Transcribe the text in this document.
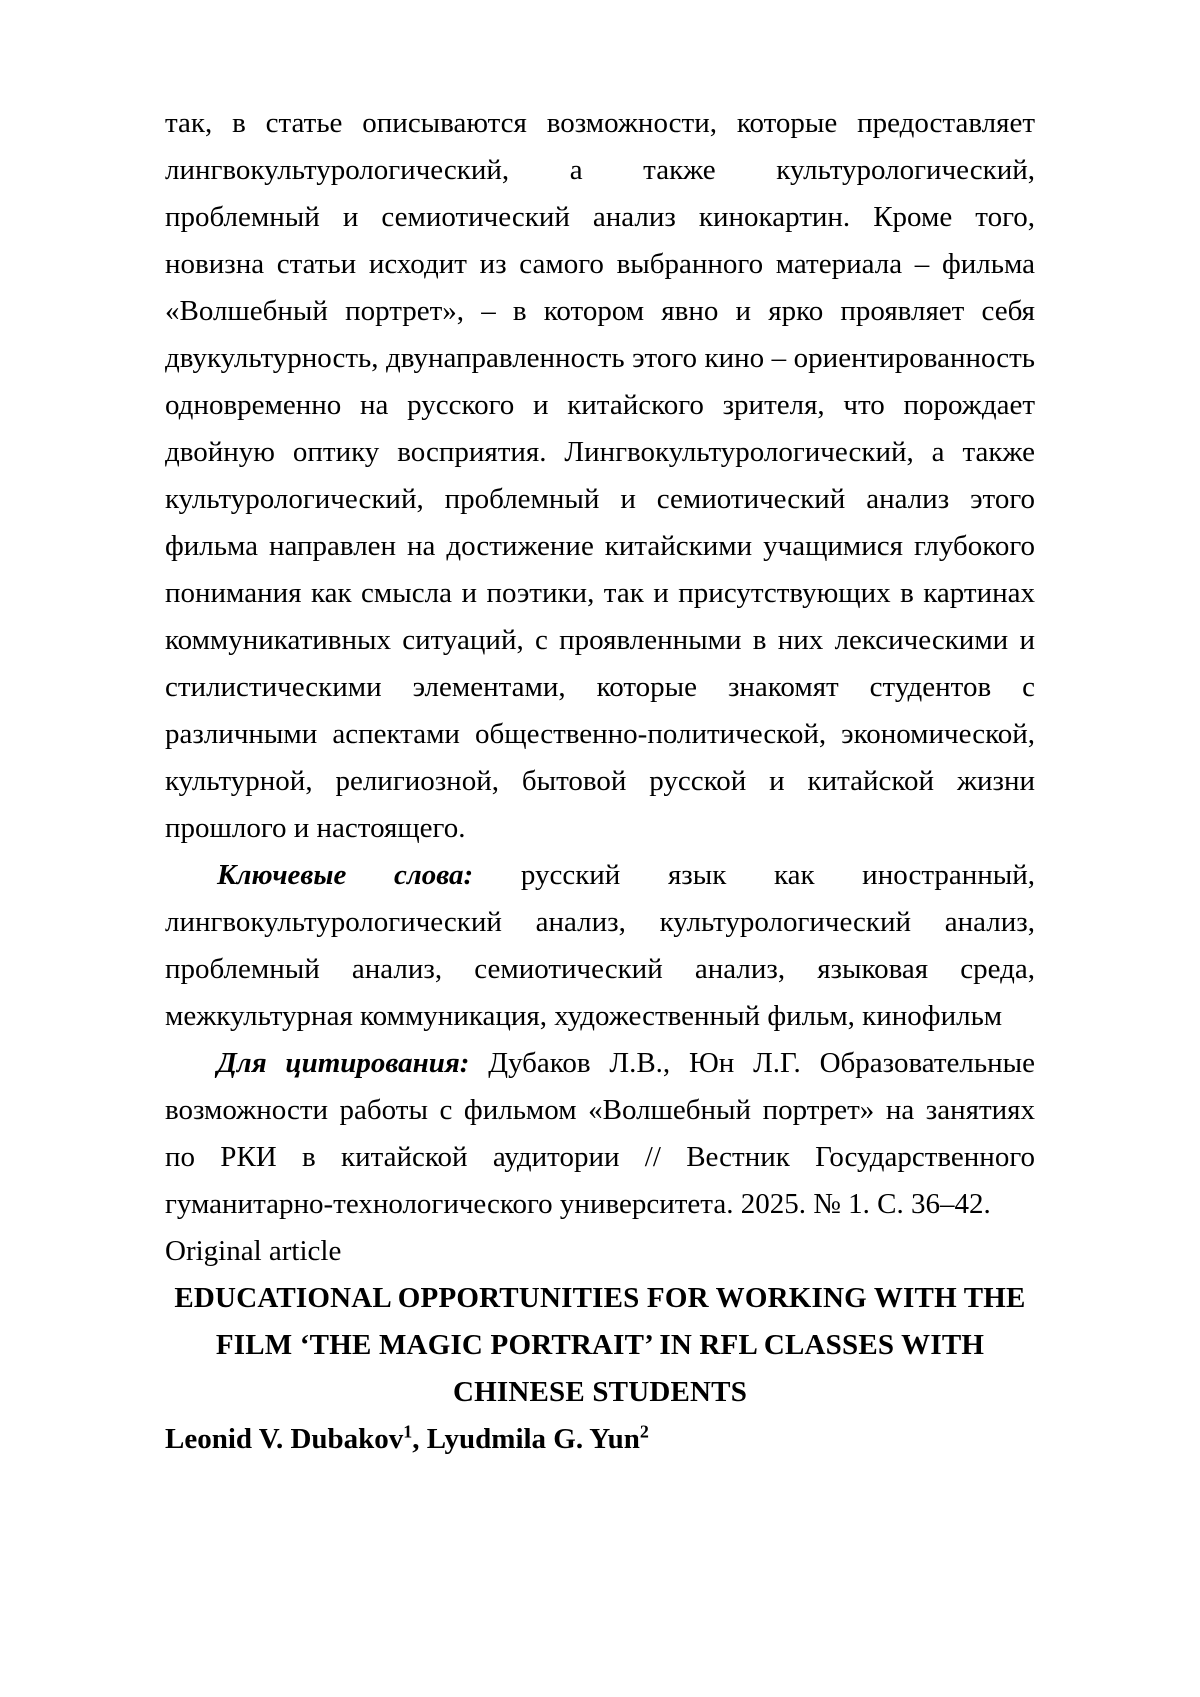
так, в статье описываются возможности, которые предоставляет лингвокультурологический, а также культурологический, проблемный и семиотический анализ кинокартин. Кроме того, новизна статьи исходит из самого выбранного материала – фильма «Волшебный портрет», – в котором явно и ярко проявляет себя двукультурность, двунаправленность этого кино – ориентированность одновременно на русского и китайского зрителя, что порождает двойную оптику восприятия. Лингвокультурологический, а также культурологический, проблемный и семиотический анализ этого фильма направлен на достижение китайскими учащимися глубокого понимания как смысла и поэтики, так и присутствующих в картинах коммуникативных ситуаций, с проявленными в них лексическими и стилистическими элементами, которые знакомят студентов с различными аспектами общественно-политической, экономической, культурной, религиозной, бытовой русской и китайской жизни прошлого и настоящего.

Ключевые слова: русский язык как иностранный, лингвокультурологический анализ, культурологический анализ, проблемный анализ, семиотический анализ, языковая среда, межкультурная коммуникация, художественный фильм, кинофильм

Для цитирования: Дубаков Л.В., Юн Л.Г. Образовательные возможности работы с фильмом «Волшебный портрет» на занятиях по РКИ в китайской аудитории // Вестник Государственного гуманитарно-технологического университета. 2025. № 1. С. 36–42.

Original article

EDUCATIONAL OPPORTUNITIES FOR WORKING WITH THE FILM ‘THE MAGIC PORTRAIT’ IN RFL CLASSES WITH CHINESE STUDENTS

Leonid V. Dubakov$^1$, Lyudmila G. Yun$^2$
